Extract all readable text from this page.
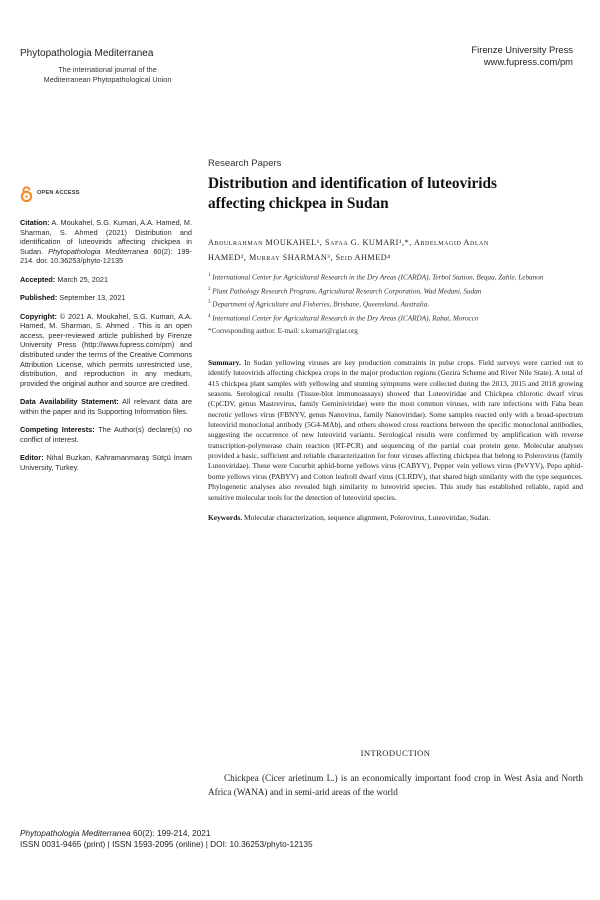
Phytopathologia Mediterranea
The international journal of the
Mediterranean Phytopathological Union
Firenze University Press
www.fupress.com/pm
OPEN ACCESS

Citation: A. Moukahel, S.G. Kumari, A.A. Hamed, M. Sharman, S. Ahmed (2021) Distribution and identification of luteovirids affecting chickpea in Sudan. Phytopathologia Mediterranea 60(2): 199-214. doi: 10.36253/phyto-12135

Accepted: March 25, 2021

Published: September 13, 2021

Copyright: © 2021 A. Moukahel, S.G. Kumari, A.A. Hamed, M. Sharman, S. Ahmed . This is an open access, peer-reviewed article published by Firenze University Press (http://www.fupress.com/pm) and distributed under the terms of the Creative Commons Attribution License, which permits unrestricted use, distribution, and reproduction in any medium, provided the original author and source are credited.

Data Availability Statement: All relevant data are within the paper and its Supporting Information files.

Competing Interests: The Author(s) declare(s) no conflict of interest.

Editor: Nihal Buzkan, Kahramanmaraş Sütçü İmam University, Turkey.

Research Papers
Distribution and identification of luteovirids
affecting chickpea in Sudan
Abdulrahman MOUKAHEL¹, Safaa G. KUMARI¹,*, Abdelmagid Adlan
HAMED², Murray SHARMAN³, Seid AHMED⁴

$^1$ International Center for Agricultural Research in the Dry Areas (ICARDA), Terbol Station, Beqaa, Zahle, Lebanon

$^2$ Plant Pathology Research Program, Agricultural Research Corporation, Wad Medani, Sudan

$^3$ Department of Agriculture and Fisheries, Brisbane, Queensland, Australia.

$^4$ International Center for Agricultural Research in the Dry Areas (ICARDA), Rabat, Morocco

*Corresponding author. E-mail: s.kumari@cgiar.org

Summary. In Sudan yellowing viruses are key production constraints in pulse crops. Field surveys were carried out to identify luteovirids affecting chickpea crops in the major production regions (Gezira Scheme and River Nile State). A total of 415 chickpea plant samples with yellowing and stunting symptoms were collected during the 2013, 2015 and 2018 growing seasons. Serological results (Tissue-blot immunoassays) showed that Luteoviridae and Chickpea chlorotic dwarf virus (CpCDV, genus Mastrevirus, family Geminiviridae) were the most common viruses, with rare infections with Faba bean necrotic yellows virus (FBNYV, genus Nanovirus, family Nanoviridae). Some samples reacted only with a broad-spectrum luteovirid monoclonal antibody (5G4-MAb), and others showed cross reactions between the specific monoclonal antibodies, suggesting the occurrence of new luteovirid variants. Serological results were confirmed by amplification with reverse transcription-polymerase chain reaction (RT-PCR) and sequencing of the partial coat protein gene. Molecular analyses provided a basic, sufficient and reliable characterization for four viruses affecting chickpea that belong to Polerovirus (family Luteoviridae). These were Cucurbit aphid-borne yellows virus (CABYV), Pepper vein yellows virus (PeVYV), Pepo aphid-borne yellows virus (PABYV) and Cotton leafroll dwarf virus (CLRDV), that shared high similarity with the type sequences. Phylogenetic analyses also revealed high similarity to luteovirid species. This study has established reliable, rapid and sensitive molecular tools for the detection of luteovirid species.
Keywords. Molecular characterization, sequence alignment, Polerovirus, Luteoviridae, Sudan.
INTRODUCTION

Chickpea (Cicer arietinum L.) is an economically important food crop in West Asia and North Africa (WANA) and in semi-arid areas of the world

Phytopathologia Mediterranea 60(2): 199-214, 2021
ISSN 0031-9465 (print) | ISSN 1593-2095 (online) | DOI: 10.36253/phyto-12135
